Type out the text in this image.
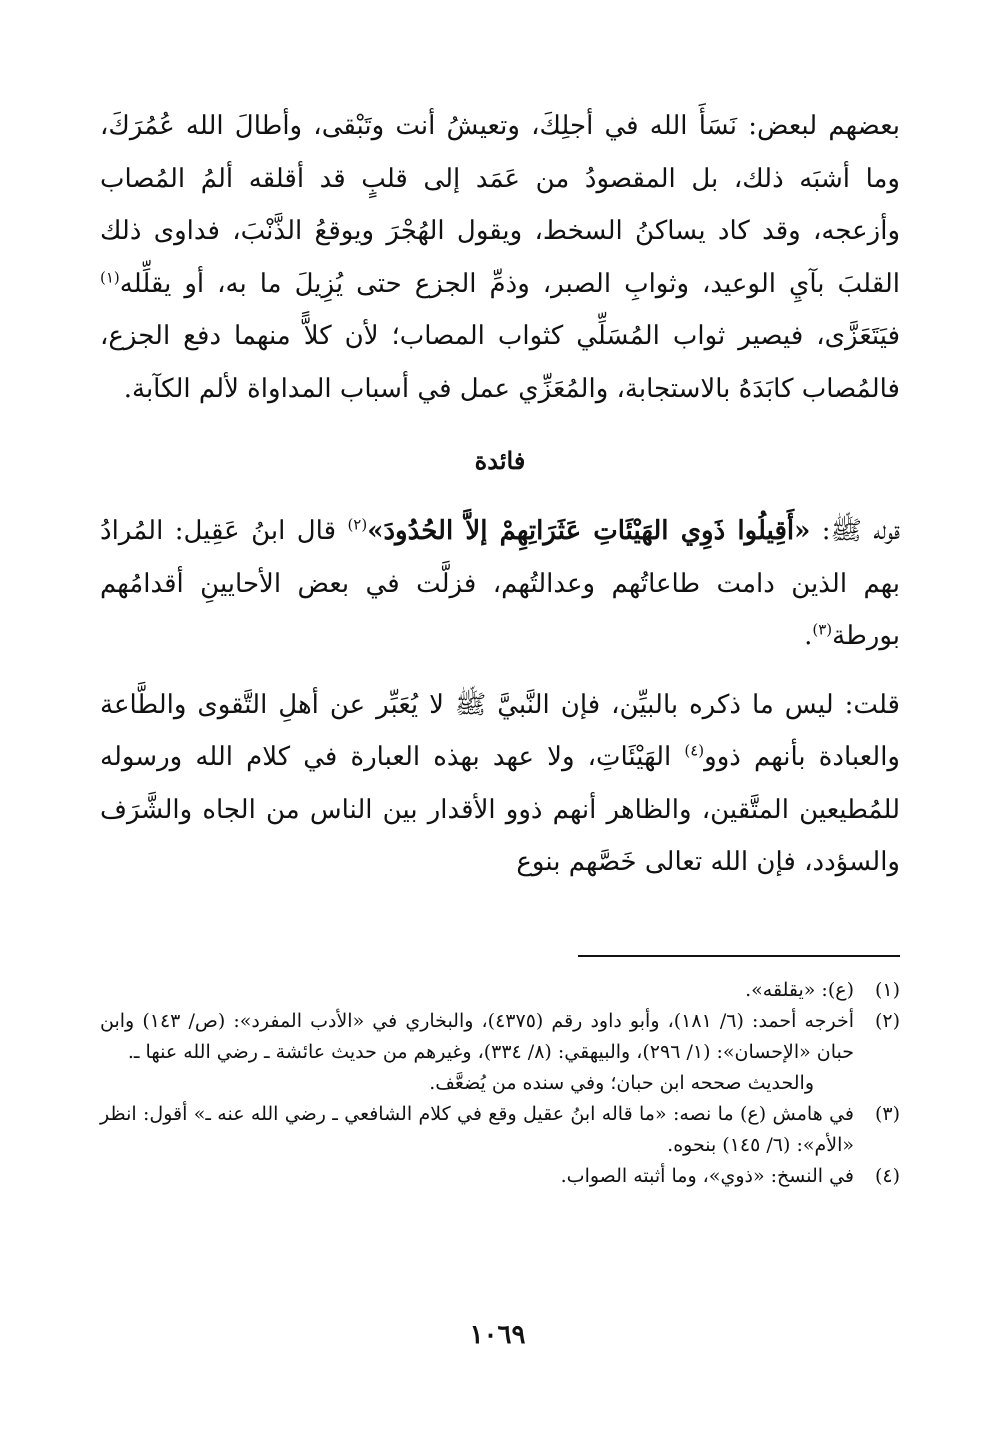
بعضهم لبعض: نَسَأَ الله في أجلِكَ، وتعيشُ أنت وتَبْقى، وأطالَ الله عُمُرَكَ، وما أشبَه ذلك، بل المقصودُ من عَمَد إلى قلبٍ قد أقلقه ألمُ المُصاب وأزعجه، وقد كاد يساكنُ السخط، ويقول الهُجْرَ ويوقعُ الذَّنْبَ، فداوى ذلك القلبَ بآيِ الوعيد، وثوابِ الصبر، وذمِّ الجزع حتى يُزِيلَ ما به، أو يقلِّله$^{(١)}$ فيَتَعَزَّى، فيصير ثواب المُسَلِّي كثواب المصاب؛ لأن كلاًّ منهما دفع الجزع، فالمُصاب كابَدَهُ بالاستجابة، والمُعَزِّي عمل في أسباب المداواة لألم الكآبة.

فائدة

قوله ﷺ: «أَقِيلُوا ذَوِي الهَيْئَاتِ عَثَرَاتِهِمْ إلاَّ الحُدُودَ»$^{(٢)}$ قال ابنُ عَقِيل: المُرادُ بهم الذين دامت طاعاتُهم وعدالتُهم، فزلَّت في بعض الأحايينِ أقدامُهم بورطة$^{(٣)}$.

قلت: ليس ما ذكره بالبيِّن، فإن النَّبيَّ ﷺ لا يُعَبِّر عن أهلِ التَّقوى والطَّاعة والعبادة بأنهم ذوو$^{(٤)}$ الهَيْئَاتِ، ولا عهد بهذه العبارة في كلام الله ورسوله للمُطيعين المتَّقين، والظاهر أنهم ذوو الأقدار بين الناس من الجاه والشَّرَف والسؤدد، فإن الله تعالى خَصَّهم بنوع

(١)
(ع): «يقلقه».
(٢)
أخرجه أحمد: (٦/ ١٨١)، وأبو داود رقم (٤٣٧٥)، والبخاري في «الأدب المفرد»: (ص/ ١٤٣) وابن حبان «الإحسان»: (١/ ٢٩٦)، والبيهقي: (٨/ ٣٣٤)، وغيرهم من حديث عائشة ـ رضي الله عنها ـ.
والحديث صححه ابن حبان؛ وفي سنده من يُضعَّف.
(٣)
في هامش (ع) ما نصه: «ما قاله ابنُ عقيل وقع في كلام الشافعي ـ رضي الله عنه ـ» أقول: انظر «الأم»: (٦/ ١٤٥) بنحوه.
(٤)
في النسخ: «ذوي»، وما أثبته الصواب.
١٠٦٩
